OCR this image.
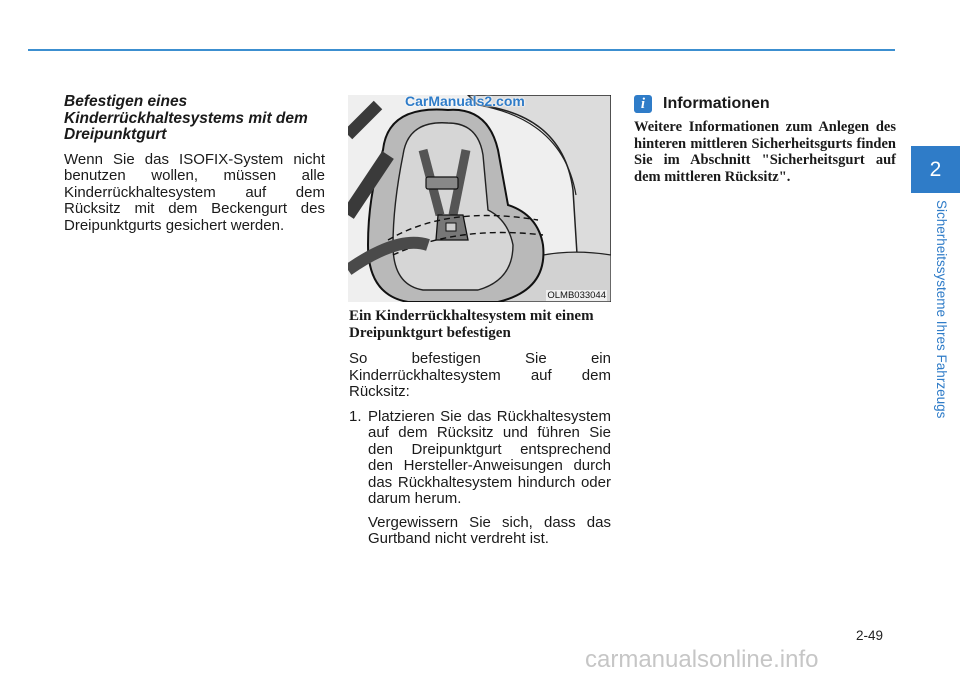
Befestigen eines Kinderrückhaltesystems mit dem Dreipunktgurt

Wenn Sie das ISOFIX-System nicht benutzen wollen, müssen alle Kinderrückhaltesystem auf dem Rücksitz mit dem Beckengurt des Dreipunktgurts gesichert werden.

OLMB033044
CarManuals2.com

Ein Kinderrückhaltesystem mit einem Dreipunktgurt befestigen

So befestigen Sie ein Kinderrückhaltesystem auf dem Rücksitz:

1. Platzieren Sie das Rückhaltesystem auf dem Rücksitz und führen Sie den Dreipunktgurt entsprechend den Hersteller-Anweisungen durch das Rückhaltesystem hindurch oder darum herum.

Vergewissern Sie sich, dass das Gurtband nicht verdreht ist.

i	Informationen

Weitere Informationen zum Anlegen des hinteren mittleren Sicherheitsgurts finden Sie im Abschnitt "Sicherheitsgurt auf dem mittleren Rücksitz".	2
Sicherheitssysteme Ihres Fahrzeugs
2-49
carmanualsonline.info
